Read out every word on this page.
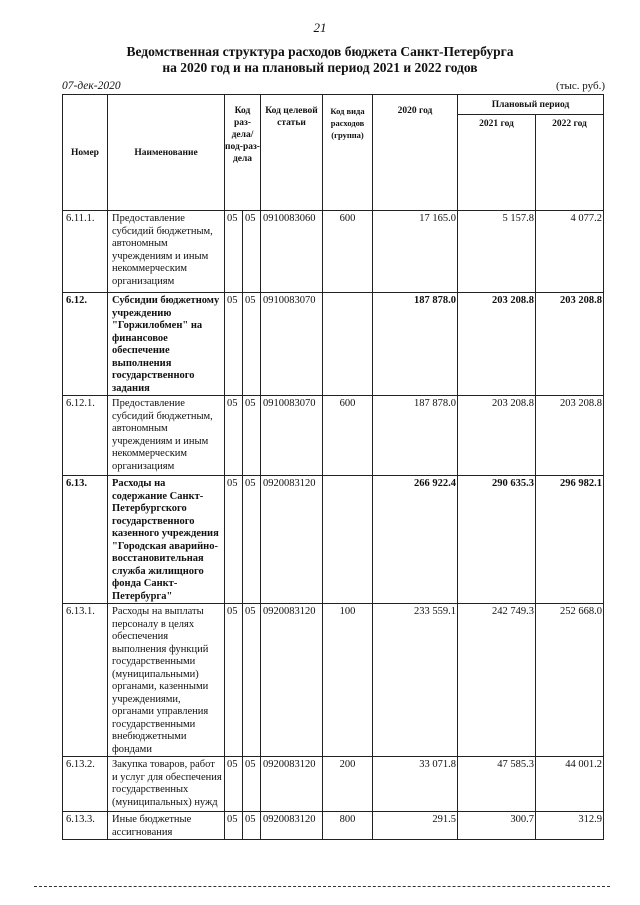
21
Ведомственная структура расходов бюджета Санкт-Петербурга
на 2020 год и на плановый период 2021 и 2022 годов
07-дек-2020	(тыс. руб.)
Номер	Наименование	Код раз-дела/ под-раз-дела		Код целевой статьи	Код вида расходов (группа)	2020 год	Плановый период	
							2021 год	2022 год
6.11.1.	Предоставление субсидий бюджетным, автономным учреждениям и иным некоммерческим организациям	05	05	0910083060	600	17 165.0	5 157.8	4 077.2
6.12.	Субсидии бюджетному учреждению "Горжилобмен" на финансовое обеспечение выполнения государственного задания	05	05	0910083070		187 878.0	203 208.8	203 208.8
6.12.1.	Предоставление субсидий бюджетным, автономным учреждениям и иным некоммерческим организациям	05	05	0910083070	600	187 878.0	203 208.8	203 208.8
6.13.	Расходы на содержание Санкт-Петербургского государственного казенного учреждения "Городская аварийно-восстановительная служба жилищного фонда Санкт-Петербурга"	05	05	0920083120		266 922.4	290 635.3	296 982.1
6.13.1.	Расходы на выплаты персоналу в целях обеспечения выполнения функций государственными (муниципальными) органами, казенными учреждениями, органами управления государственными внебюджетными фондами	05	05	0920083120	100	233 559.1	242 749.3	252 668.0
6.13.2.	Закупка товаров, работ и услуг для обеспечения государственных (муниципальных) нужд	05	05	0920083120	200	33 071.8	47 585.3	44 001.2
6.13.3.	Иные бюджетные ассигнования	05	05	0920083120	800	291.5	300.7	312.9
